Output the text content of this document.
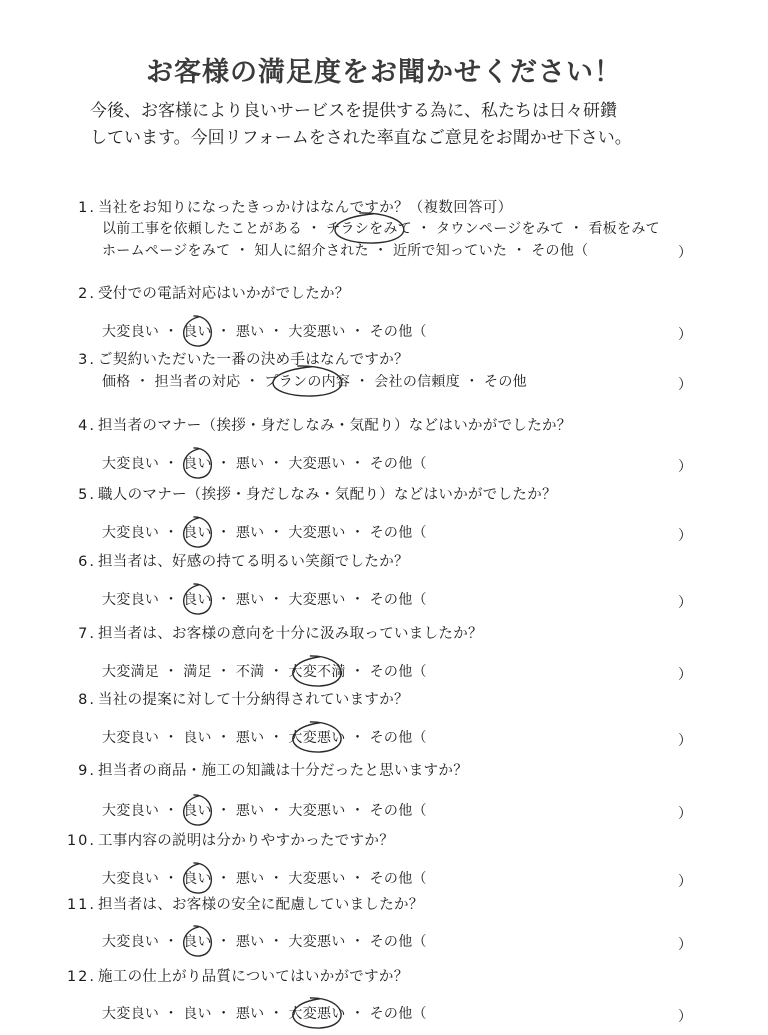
お客様の満足度をお聞かせください！
今後、お客様により良いサービスを提供する為に、私たちは日々研鑽
しています。今回リフォームをされた率直なご意見をお聞かせ下さい。
1. 当社をお知りになったきっかけはなんですか？（複数回答可）
以前工事を依頼したことがある ・ チラシをみて ・ タウンページをみて ・ 看板をみて
ホームページをみて ・ 知人に紹介された ・ 近所で知っていた ・ その他（	）
2. 受付での電話対応はいかがでしたか？
大変良い ・ 良い ・ 悪い ・ 大変悪い ・ その他（	）
3. ご契約いただいた一番の決め手はなんですか？
価格 ・ 担当者の対応 ・ プランの内容 ・ 会社の信頼度 ・ その他	）
4. 担当者のマナー（挨拶・身だしなみ・気配り）などはいかがでしたか？
大変良い ・ 良い ・ 悪い ・ 大変悪い ・ その他（	）
5. 職人のマナー（挨拶・身だしなみ・気配り）などはいかがでしたか？
大変良い ・ 良い ・ 悪い ・ 大変悪い ・ その他（	）
6. 担当者は、好感の持てる明るい笑顔でしたか？
大変良い ・ 良い ・ 悪い ・ 大変悪い ・ その他（	）
7. 担当者は、お客様の意向を十分に汲み取っていましたか？
大変満足 ・ 満足 ・ 不満 ・ 大変不満 ・ その他（	）
8. 当社の提案に対して十分納得されていますか？
大変良い ・ 良い ・ 悪い ・ 大変悪い ・ その他（	）
9. 担当者の商品・施工の知識は十分だったと思いますか？
大変良い ・ 良い ・ 悪い ・ 大変悪い ・ その他（	）
10. 工事内容の説明は分かりやすかったですか？
大変良い ・ 良い ・ 悪い ・ 大変悪い ・ その他（	）
11. 担当者は、お客様の安全に配慮していましたか？
大変良い ・ 良い ・ 悪い ・ 大変悪い ・ その他（	）
12. 施工の仕上がり品質についてはいかがですか？
大変良い ・ 良い ・ 悪い ・ 大変悪い ・ その他（	）
